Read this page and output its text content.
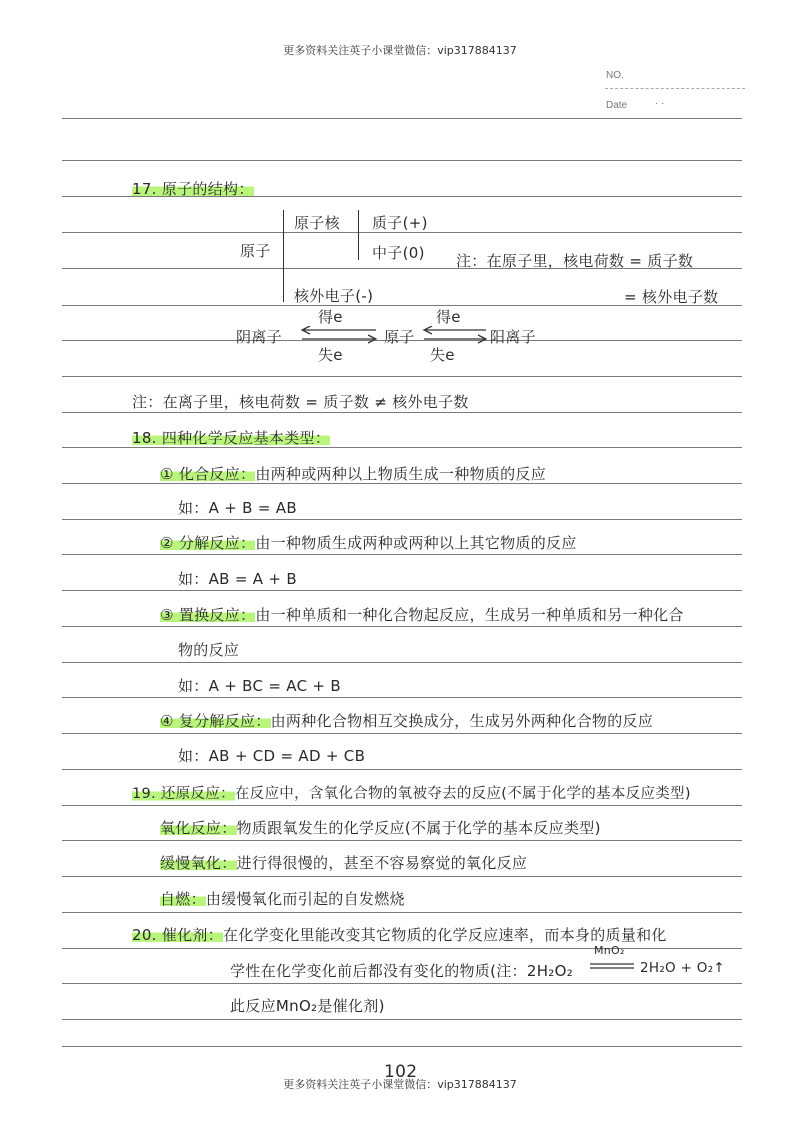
更多资料关注英子小课堂微信：vip317884137
更多资料关注英子小课堂微信：vip317884137
NO.
Date	· ·
17. 原子的结构：
原子
原子核 质子(+)
中子(0) 注：在原子里，核电荷数 = 质子数
核外电子(-)	= 核外电子数
阴离子
得e
失e
原子
得e
失e
阳离子
注：在离子里，核电荷数 = 质子数 ≠ 核外电子数
18. 四种化学反应基本类型：
① 化合反应：由两种或两种以上物质生成一种物质的反应
如：A + B = AB
② 分解反应：由一种物质生成两种或两种以上其它物质的反应
如：AB = A + B
③ 置换反应：由一种单质和一种化合物起反应，生成另一种单质和另一种化合
物的反应
如：A + BC = AC + B
④ 复分解反应：由两种化合物相互交换成分，生成另外两种化合物的反应
如：AB + CD = AD + CB
19. 还原反应：在反应中，含氧化合物的氧被夺去的反应(不属于化学的基本反应类型)
氧化反应：物质跟氧发生的化学反应(不属于化学的基本反应类型)
缓慢氧化：进行得很慢的，甚至不容易察觉的氧化反应
自燃：由缓慢氧化而引起的自发燃烧
20. 催化剂：在化学变化里能改变其它物质的化学反应速率，而本身的质量和化
学性在化学变化前后都没有变化的物质(注：2H₂O₂
MnO₂
2H₂O + O₂↑
此反应MnO₂是催化剂)
102
